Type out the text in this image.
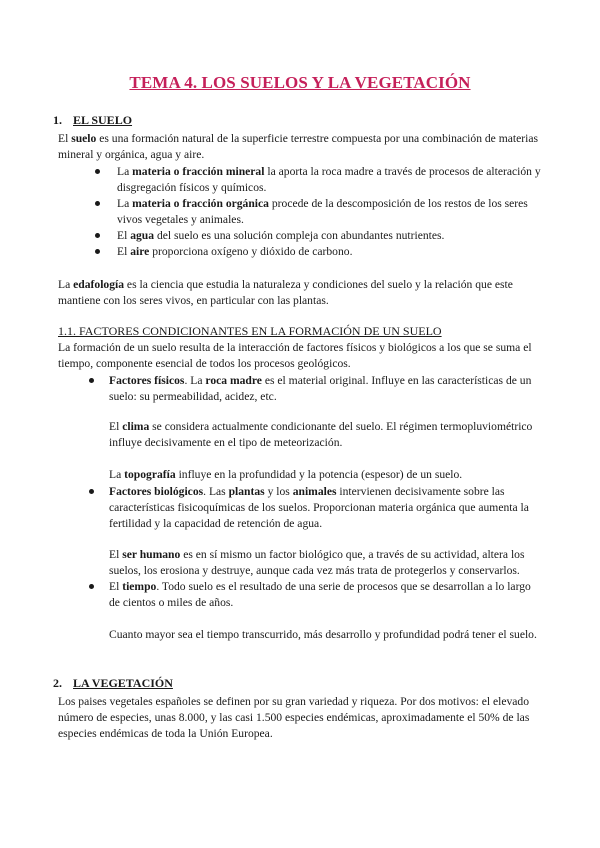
TEMA 4. LOS SUELOS Y LA VEGETACIÓN
1. EL SUELO
El suelo es una formación natural de la superficie terrestre compuesta por una combinación de materias mineral y orgánica, agua y aire.
La materia o fracción mineral la aporta la roca madre a través de procesos de alteración y disgregación físicos y químicos.
La materia o fracción orgánica procede de la descomposición de los restos de los seres vivos vegetales y animales.
El agua del suelo es una solución compleja con abundantes nutrientes.
El aire proporciona oxígeno y dióxido de carbono.
La edafología es la ciencia que estudia la naturaleza y condiciones del suelo y la relación que este mantiene con los seres vivos, en particular con las plantas.
1.1. FACTORES CONDICIONANTES EN LA FORMACIÓN DE UN SUELO
La formación de un suelo resulta de la interacción de factores físicos y biológicos a los que se suma el tiempo, componente esencial de todos los procesos geológicos.
Factores físicos. La roca madre es el material original. Influye en las características de un suelo: su permeabilidad, acidez, etc.
El clima se considera actualmente condicionante del suelo. El régimen termopluviométrico influye decisivamente en el tipo de meteorización.
La topografía influye en la profundidad y la potencia (espesor) de un suelo.
Factores biológicos. Las plantas y los animales intervienen decisivamente sobre las características fisicoquímicas de los suelos. Proporcionan materia orgánica que aumenta la fertilidad y la capacidad de retención de agua.
El ser humano es en sí mismo un factor biológico que, a través de su actividad, altera los suelos, los erosiona y destruye, aunque cada vez más trata de protegerlos y conservarlos.
El tiempo. Todo suelo es el resultado de una serie de procesos que se desarrollan a lo largo de cientos o miles de años.
Cuanto mayor sea el tiempo transcurrido, más desarrollo y profundidad podrá tener el suelo.
2. LA VEGETACIÓN
Los paises vegetales españoles se definen por su gran variedad y riqueza. Por dos motivos: el elevado número de especies, unas 8.000, y las casi 1.500 especies endémicas, aproximadamente el 50% de las especies endémicas de toda la Unión Europea.
